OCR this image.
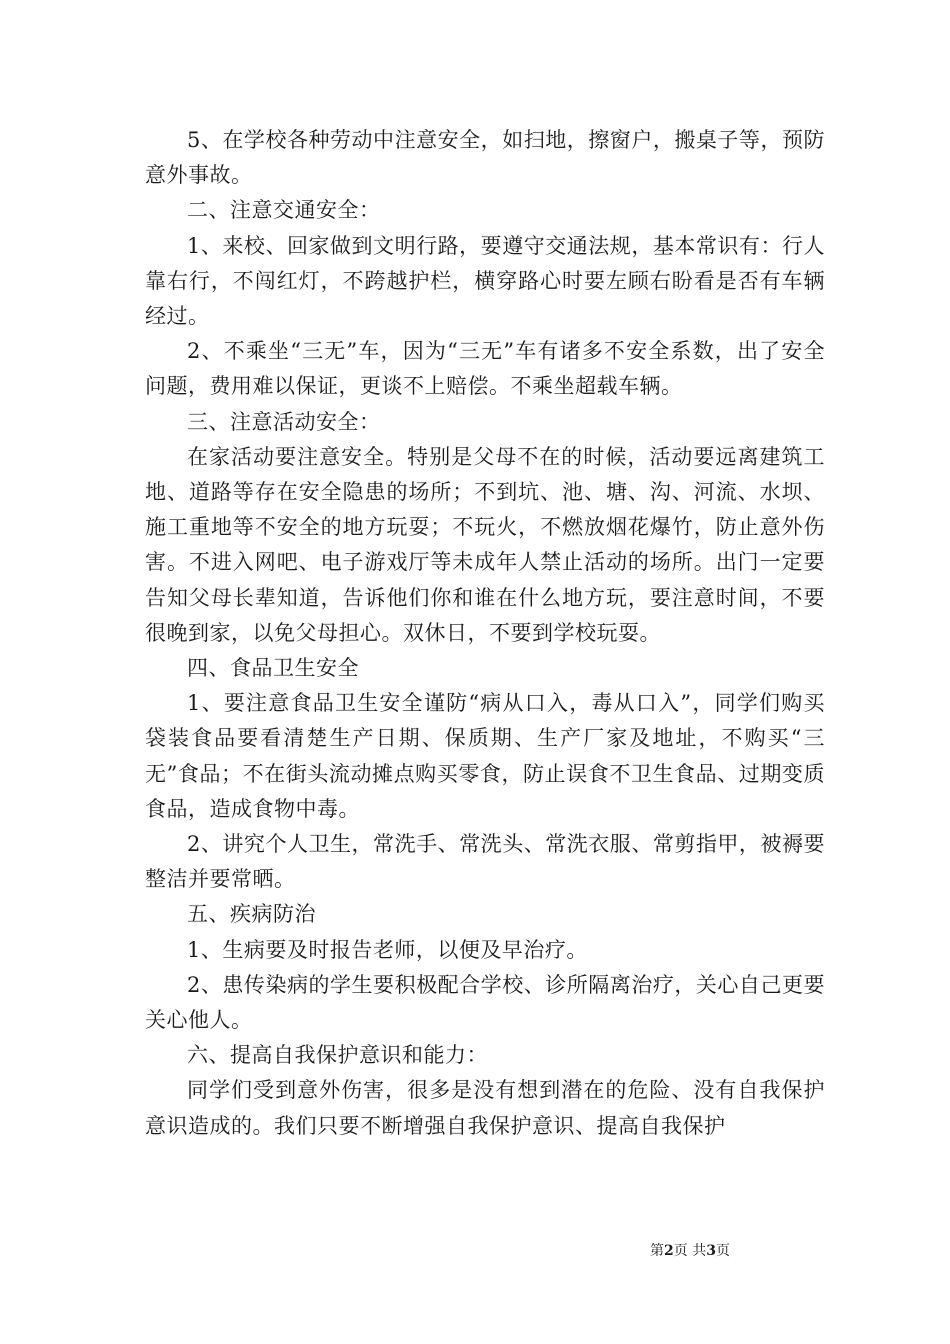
5、在学校各种劳动中注意安全，如扫地，擦窗户，搬桌子等，预防意外事故。

二、注意交通安全：

1、来校、回家做到文明行路，要遵守交通法规，基本常识有：行人靠右行，不闯红灯，不跨越护栏，横穿路心时要左顾右盼看是否有车辆经过。

2、不乘坐“三无”车，因为“三无”车有诸多不安全系数，出了安全问题，费用难以保证，更谈不上赔偿。不乘坐超载车辆。

三、注意活动安全：

在家活动要注意安全。特别是父母不在的时候，活动要远离建筑工地、道路等存在安全隐患的场所；不到坑、池、塘、沟、河流、水坝、施工重地等不安全的地方玩耍；不玩火，不燃放烟花爆竹，防止意外伤害。不进入网吧、电子游戏厅等未成年人禁止活动的场所。出门一定要告知父母长辈知道，告诉他们你和谁在什么地方玩，要注意时间，不要很晚到家，以免父母担心。双休日，不要到学校玩耍。

四、食品卫生安全

1、要注意食品卫生安全谨防“病从口入，毒从口入”，同学们购买袋装食品要看清楚生产日期、保质期、生产厂家及地址，不购买“三无”食品；不在街头流动摊点购买零食，防止误食不卫生食品、过期变质食品，造成食物中毒。

2、讲究个人卫生，常洗手、常洗头、常洗衣服、常剪指甲，被褥要整洁并要常晒。

五、疾病防治

1、生病要及时报告老师，以便及早治疗。

2、患传染病的学生要积极配合学校、诊所隔离治疗，关心自己更要关心他人。

六、提高自我保护意识和能力：

同学们受到意外伤害，很多是没有想到潜在的危险、没有自我保护意识造成的。我们只要不断增强自我保护意识、提高自我保护

第2页 共3页
